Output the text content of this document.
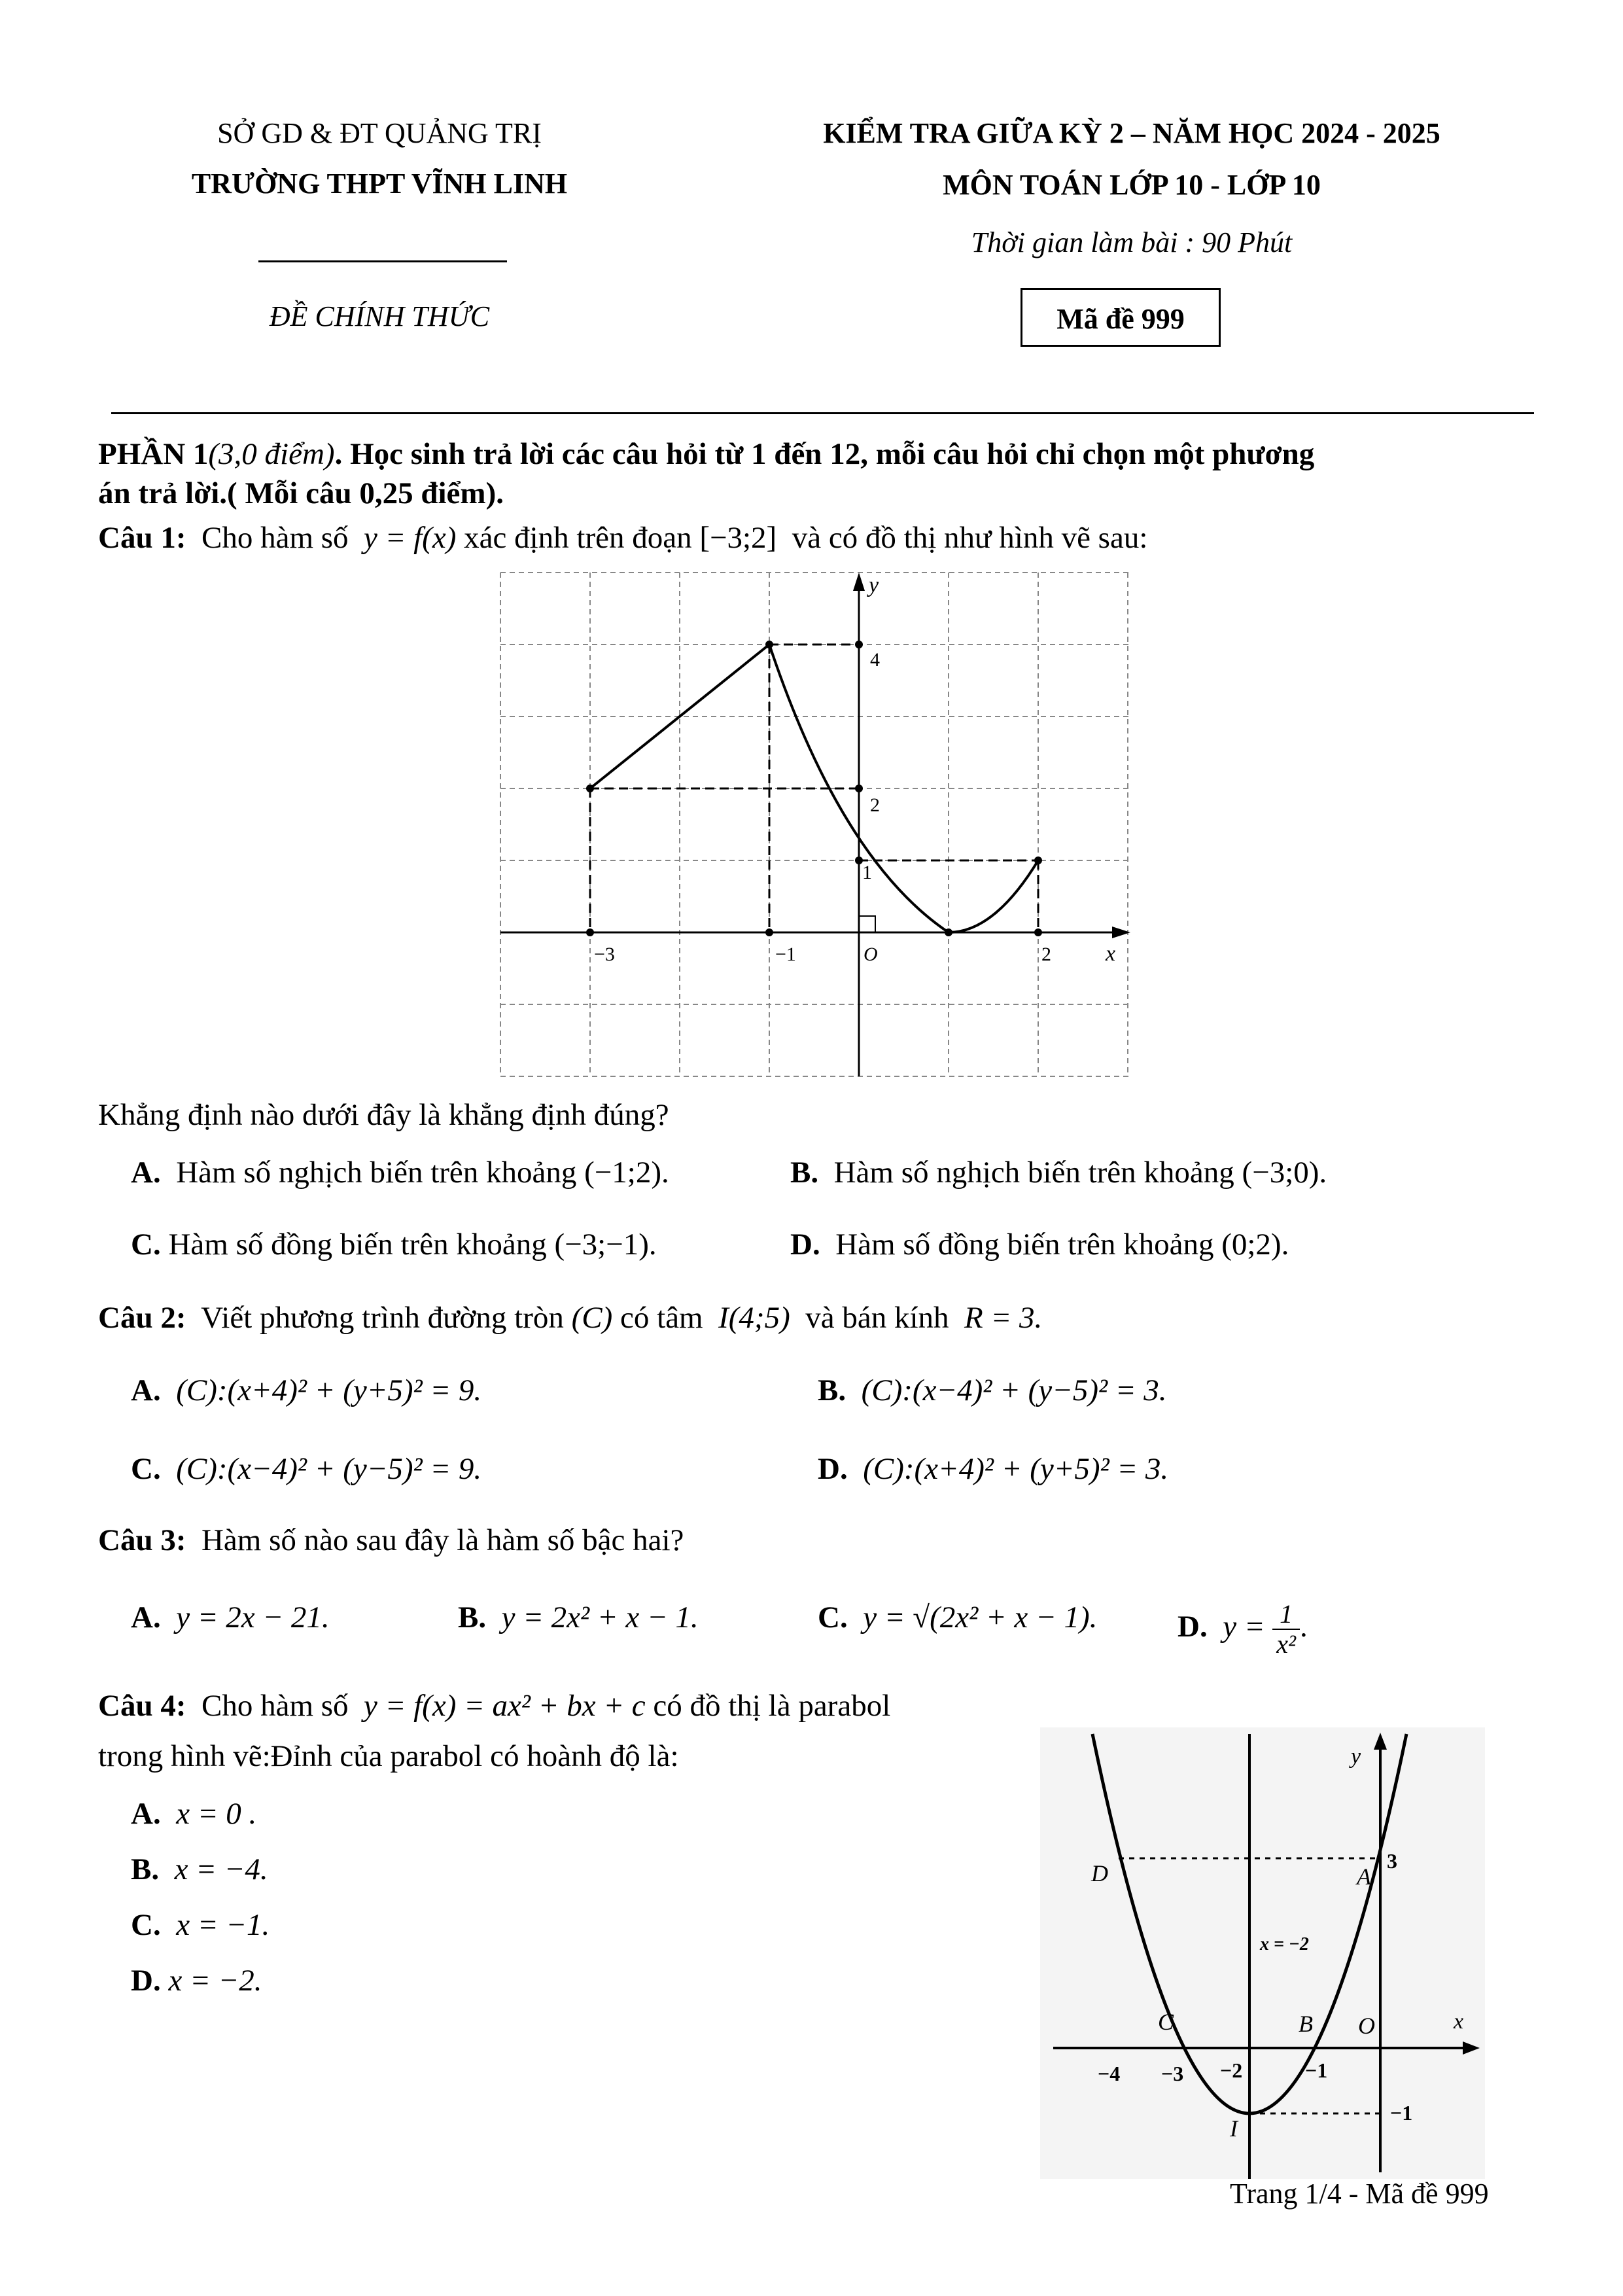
SỞ GD & ĐT QUẢNG TRỊ
TRƯỜNG THPT VĨNH LINH
ĐỀ CHÍNH THỨC
KIỂM TRA GIỮA KỲ 2 – NĂM HỌC 2024 - 2025
MÔN TOÁN LỚP 10 - LỚP 10
Thời gian làm bài : 90 Phút
Mã đề 999
PHẦN 1(3,0 điểm). Học sinh trả lời các câu hỏi từ 1 đến 12, mỗi câu hỏi chỉ chọn một phương
án trả lời.( Mỗi câu 0,25 điểm).
Câu 1: Cho hàm số y = f(x) xác định trên đoạn [−3;2] và có đồ thị như hình vẽ sau:
y
x
O
−3	−1	2
1
2
4
Khẳng định nào dưới đây là khẳng định đúng?
A. Hàm số nghịch biến trên khoảng (−1;2).	B. Hàm số nghịch biến trên khoảng (−3;0).
C. Hàm số đồng biến trên khoảng (−3;−1).	D. Hàm số đồng biến trên khoảng (0;2).
Câu 2: Viết phương trình đường tròn (C) có tâm I(4;5) và bán kính R = 3.
A. (C):(x+4)² + (y+5)² = 9.	B. (C):(x−4)² + (y−5)² = 3.
C. (C):(x−4)² + (y−5)² = 9.	D. (C):(x+4)² + (y+5)² = 3.
Câu 3: Hàm số nào sau đây là hàm số bậc hai?
A. y = 2x − 21.	B. y = 2x² + x − 1.	C. y = √(2x² + x − 1).	D. $y = \frac{1}{\text{x²}}$ .
Câu 4: Cho hàm số y = f(x) = ax² + bx + c có đồ thị là parabol
trong hình vẽ:Đỉnh của parabol có hoành độ là:
A. x = 0 .
B. x = −4.
C. x = −1.
D. x = −2.
y
x
O
D	A
3
x = −2
C	B
−4 −3 −2	−1
I
−1
Trang 1/4 - Mã đề 999
